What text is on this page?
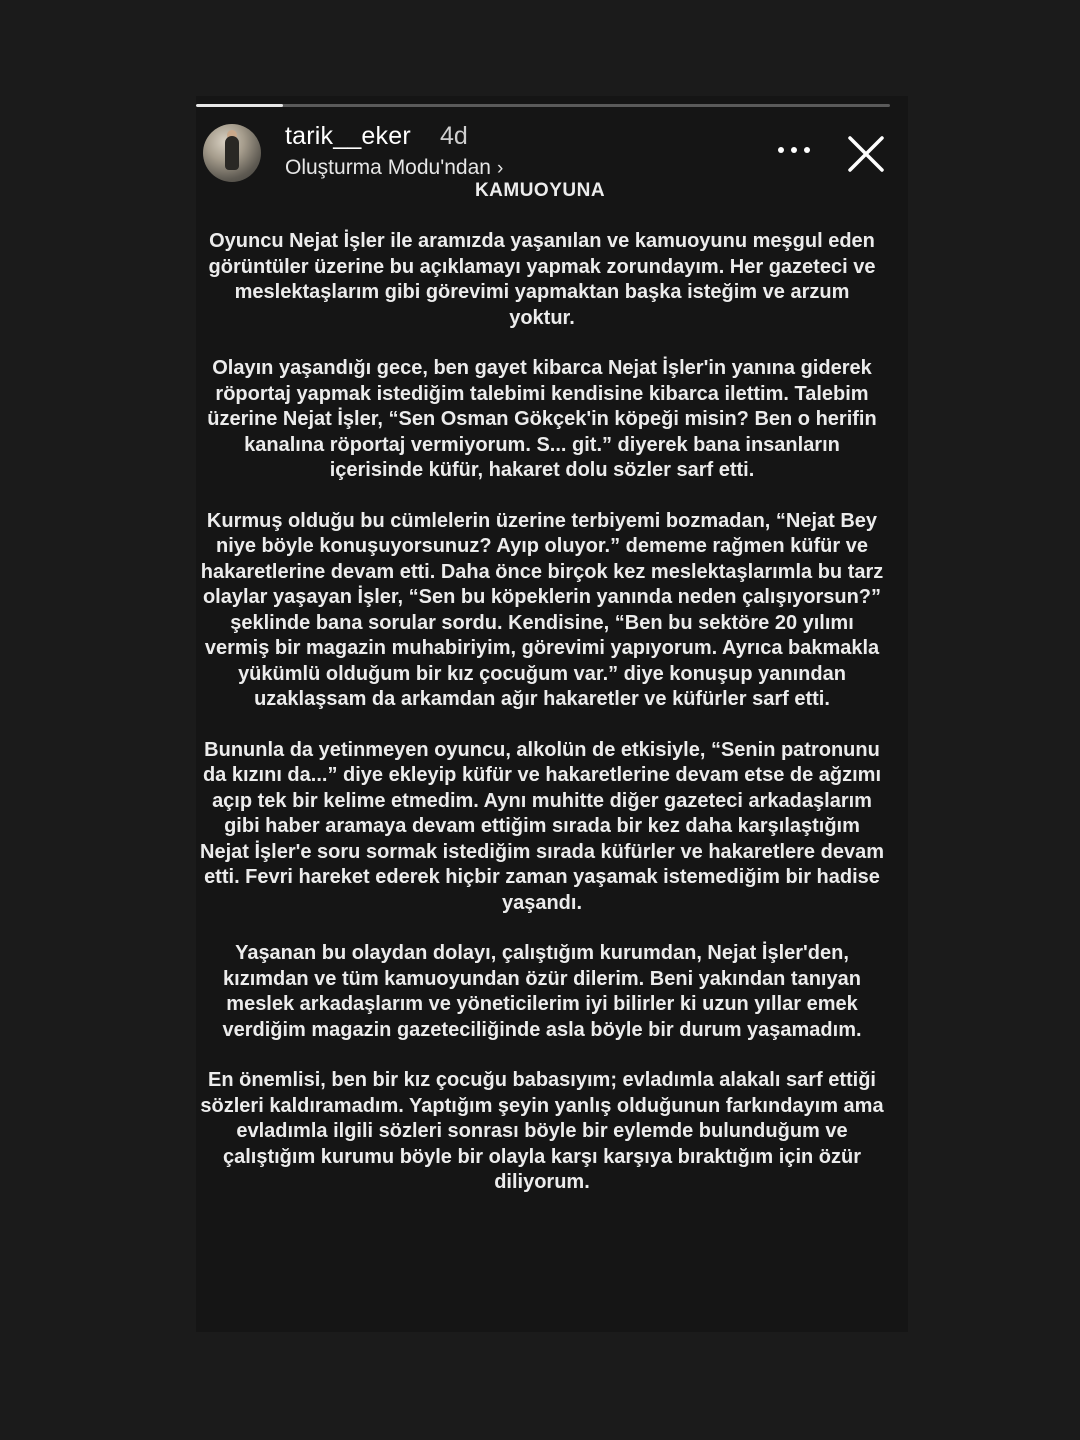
tarik__eker 4d
Oluşturma Modu'ndan ›
KAMUOYUNA

Oyuncu Nejat İşler ile aramızda yaşanılan ve kamuoyunu meşgul eden görüntüler üzerine bu açıklamayı yapmak zorundayım. Her gazeteci ve meslektaşlarım gibi görevimi yapmaktan başka isteğim ve arzum yoktur.

Olayın yaşandığı gece, ben gayet kibarca Nejat İşler'in yanına giderek röportaj yapmak istediğim talebimi kendisine kibarca ilettim. Talebim üzerine Nejat İşler, “Sen Osman Gökçek'in köpeği misin? Ben o herifin kanalına röportaj vermiyorum. S... git.” diyerek bana insanların içerisinde küfür, hakaret dolu sözler sarf etti.

Kurmuş olduğu bu cümlelerin üzerine terbiyemi bozmadan, “Nejat Bey niye böyle konuşuyorsunuz? Ayıp oluyor.” dememe rağmen küfür ve hakaretlerine devam etti. Daha önce birçok kez meslektaşlarımla bu tarz olaylar yaşayan İşler, “Sen bu köpeklerin yanında neden çalışıyorsun?” şeklinde bana sorular sordu. Kendisine, “Ben bu sektöre 20 yılımı vermiş bir magazin muhabiriyim, görevimi yapıyorum. Ayrıca bakmakla yükümlü olduğum bir kız çocuğum var.” diye konuşup yanından uzaklaşsam da arkamdan ağır hakaretler ve küfürler sarf etti.

Bununla da yetinmeyen oyuncu, alkolün de etkisiyle, “Senin patronunu da kızını da...” diye ekleyip küfür ve hakaretlerine devam etse de ağzımı açıp tek bir kelime etmedim. Aynı muhitte diğer gazeteci arkadaşlarım gibi haber aramaya devam ettiğim sırada bir kez daha karşılaştığım Nejat İşler'e soru sormak istediğim sırada küfürler ve hakaretlere devam etti. Fevri hareket ederek hiçbir zaman yaşamak istemediğim bir hadise yaşandı.

Yaşanan bu olaydan dolayı, çalıştığım kurumdan, Nejat İşler'den, kızımdan ve tüm kamuoyundan özür dilerim. Beni yakından tanıyan meslek arkadaşlarım ve yöneticilerim iyi bilirler ki uzun yıllar emek verdiğim magazin gazeteciliğinde asla böyle bir durum yaşamadım.

En önemlisi, ben bir kız çocuğu babasıyım; evladımla alakalı sarf ettiği sözleri kaldıramadım. Yaptığım şeyin yanlış olduğunun farkındayım ama evladımla ilgili sözleri sonrası böyle bir eylemde bulunduğum ve çalıştığım kurumu böyle bir olayla karşı karşıya bıraktığım için özür diliyorum.
